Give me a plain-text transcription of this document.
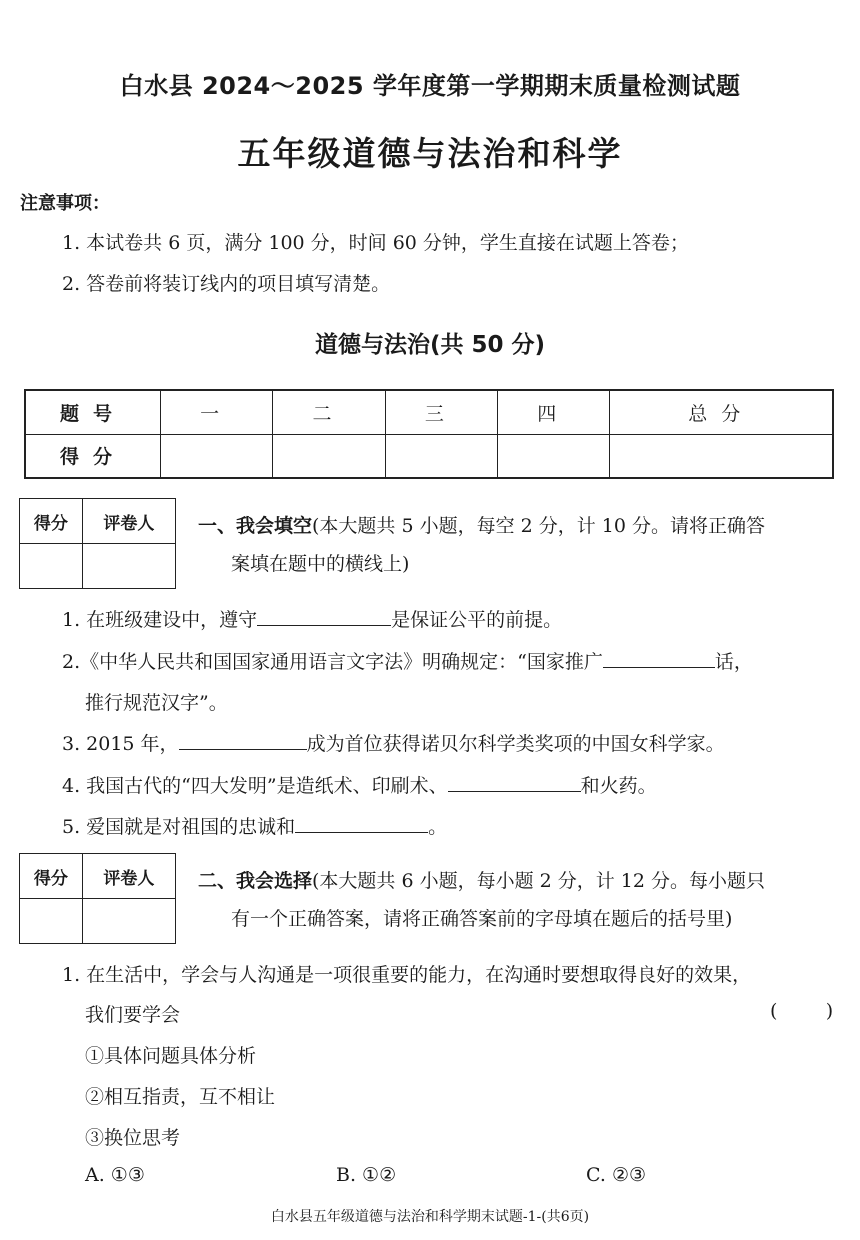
白水县 2024～2025 学年度第一学期期末质量检测试题
五年级道德与法治和科学
注意事项：
1. 本试卷共 6 页，满分 100 分，时间 60 分钟，学生直接在试题上答卷；
2. 答卷前将装订线内的项目填写清楚。
道德与法治(共 50 分)
题号	一	二	三	四	总分
得分					
得分	评卷人
	一、我会填空(本大题共 5 小题，每空 2 分，计 10 分。请将正确答
案填在题中的横线上)
1. 在班级建设中，遵守	是保证公平的前提。
2.《中华人民共和国国家通用语言文字法》明确规定：“国家推广	话，
推行规范汉字”。
3. 2015 年，	成为首位获得诺贝尔科学类奖项的中国女科学家。
4. 我国古代的“四大发明”是造纸术、印刷术、	和火药。
5. 爱国就是对祖国的忠诚和	。
得分	评卷人
	二、我会选择(本大题共 6 小题，每小题 2 分，计 12 分。每小题只
有一个正确答案，请将正确答案前的字母填在题后的括号里)
1. 在生活中，学会与人沟通是一项很重要的能力，在沟通时要想取得良好的效果，
我们要学会	(        )
①具体问题具体分析
②相互指责，互不相让
③换位思考
A. ①③	B. ①②	C. ②③
白水县五年级道德与法治和科学期末试题-1-(共6页)
